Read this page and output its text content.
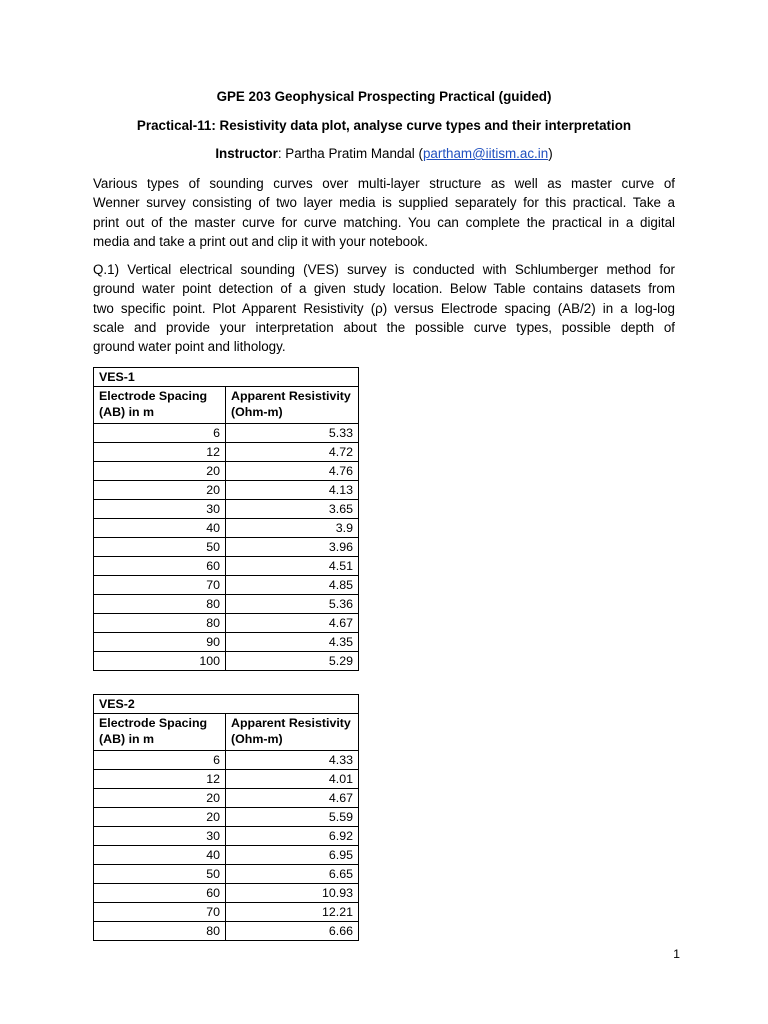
GPE 203 Geophysical Prospecting Practical (guided)
Practical-11: Resistivity data plot, analyse curve types and their interpretation
Instructor: Partha Pratim Mandal (partham@iitism.ac.in)
Various types of sounding curves over multi-layer structure as well as master curve of
Wenner survey consisting of two layer media is supplied separately for this practical. Take a
print out of the master curve for curve matching. You can complete the practical in a digital
media and take a print out and clip it with your notebook.
Q.1) Vertical electrical sounding (VES) survey is conducted with Schlumberger method for
ground water point detection of a given study location. Below Table contains datasets from
two specific point. Plot Apparent Resistivity (ρ) versus Electrode spacing (AB/2) in a log-log
scale and provide your interpretation about the possible curve types, possible depth of
ground water point and lithology.
VES-1	
Electrode Spacing (AB) in m	Apparent Resistivity (Ohm-m)
6	5.33
12	4.72
20	4.76
20	4.13
30	3.65
40	3.9
50	3.96
60	4.51
70	4.85
80	5.36
80	4.67
90	4.35
100	5.29
VES-2	
Electrode Spacing (AB) in m	Apparent Resistivity (Ohm-m)
6	4.33
12	4.01
20	4.67
20	5.59
30	6.92
40	6.95
50	6.65
60	10.93
70	12.21
80	6.66
1
